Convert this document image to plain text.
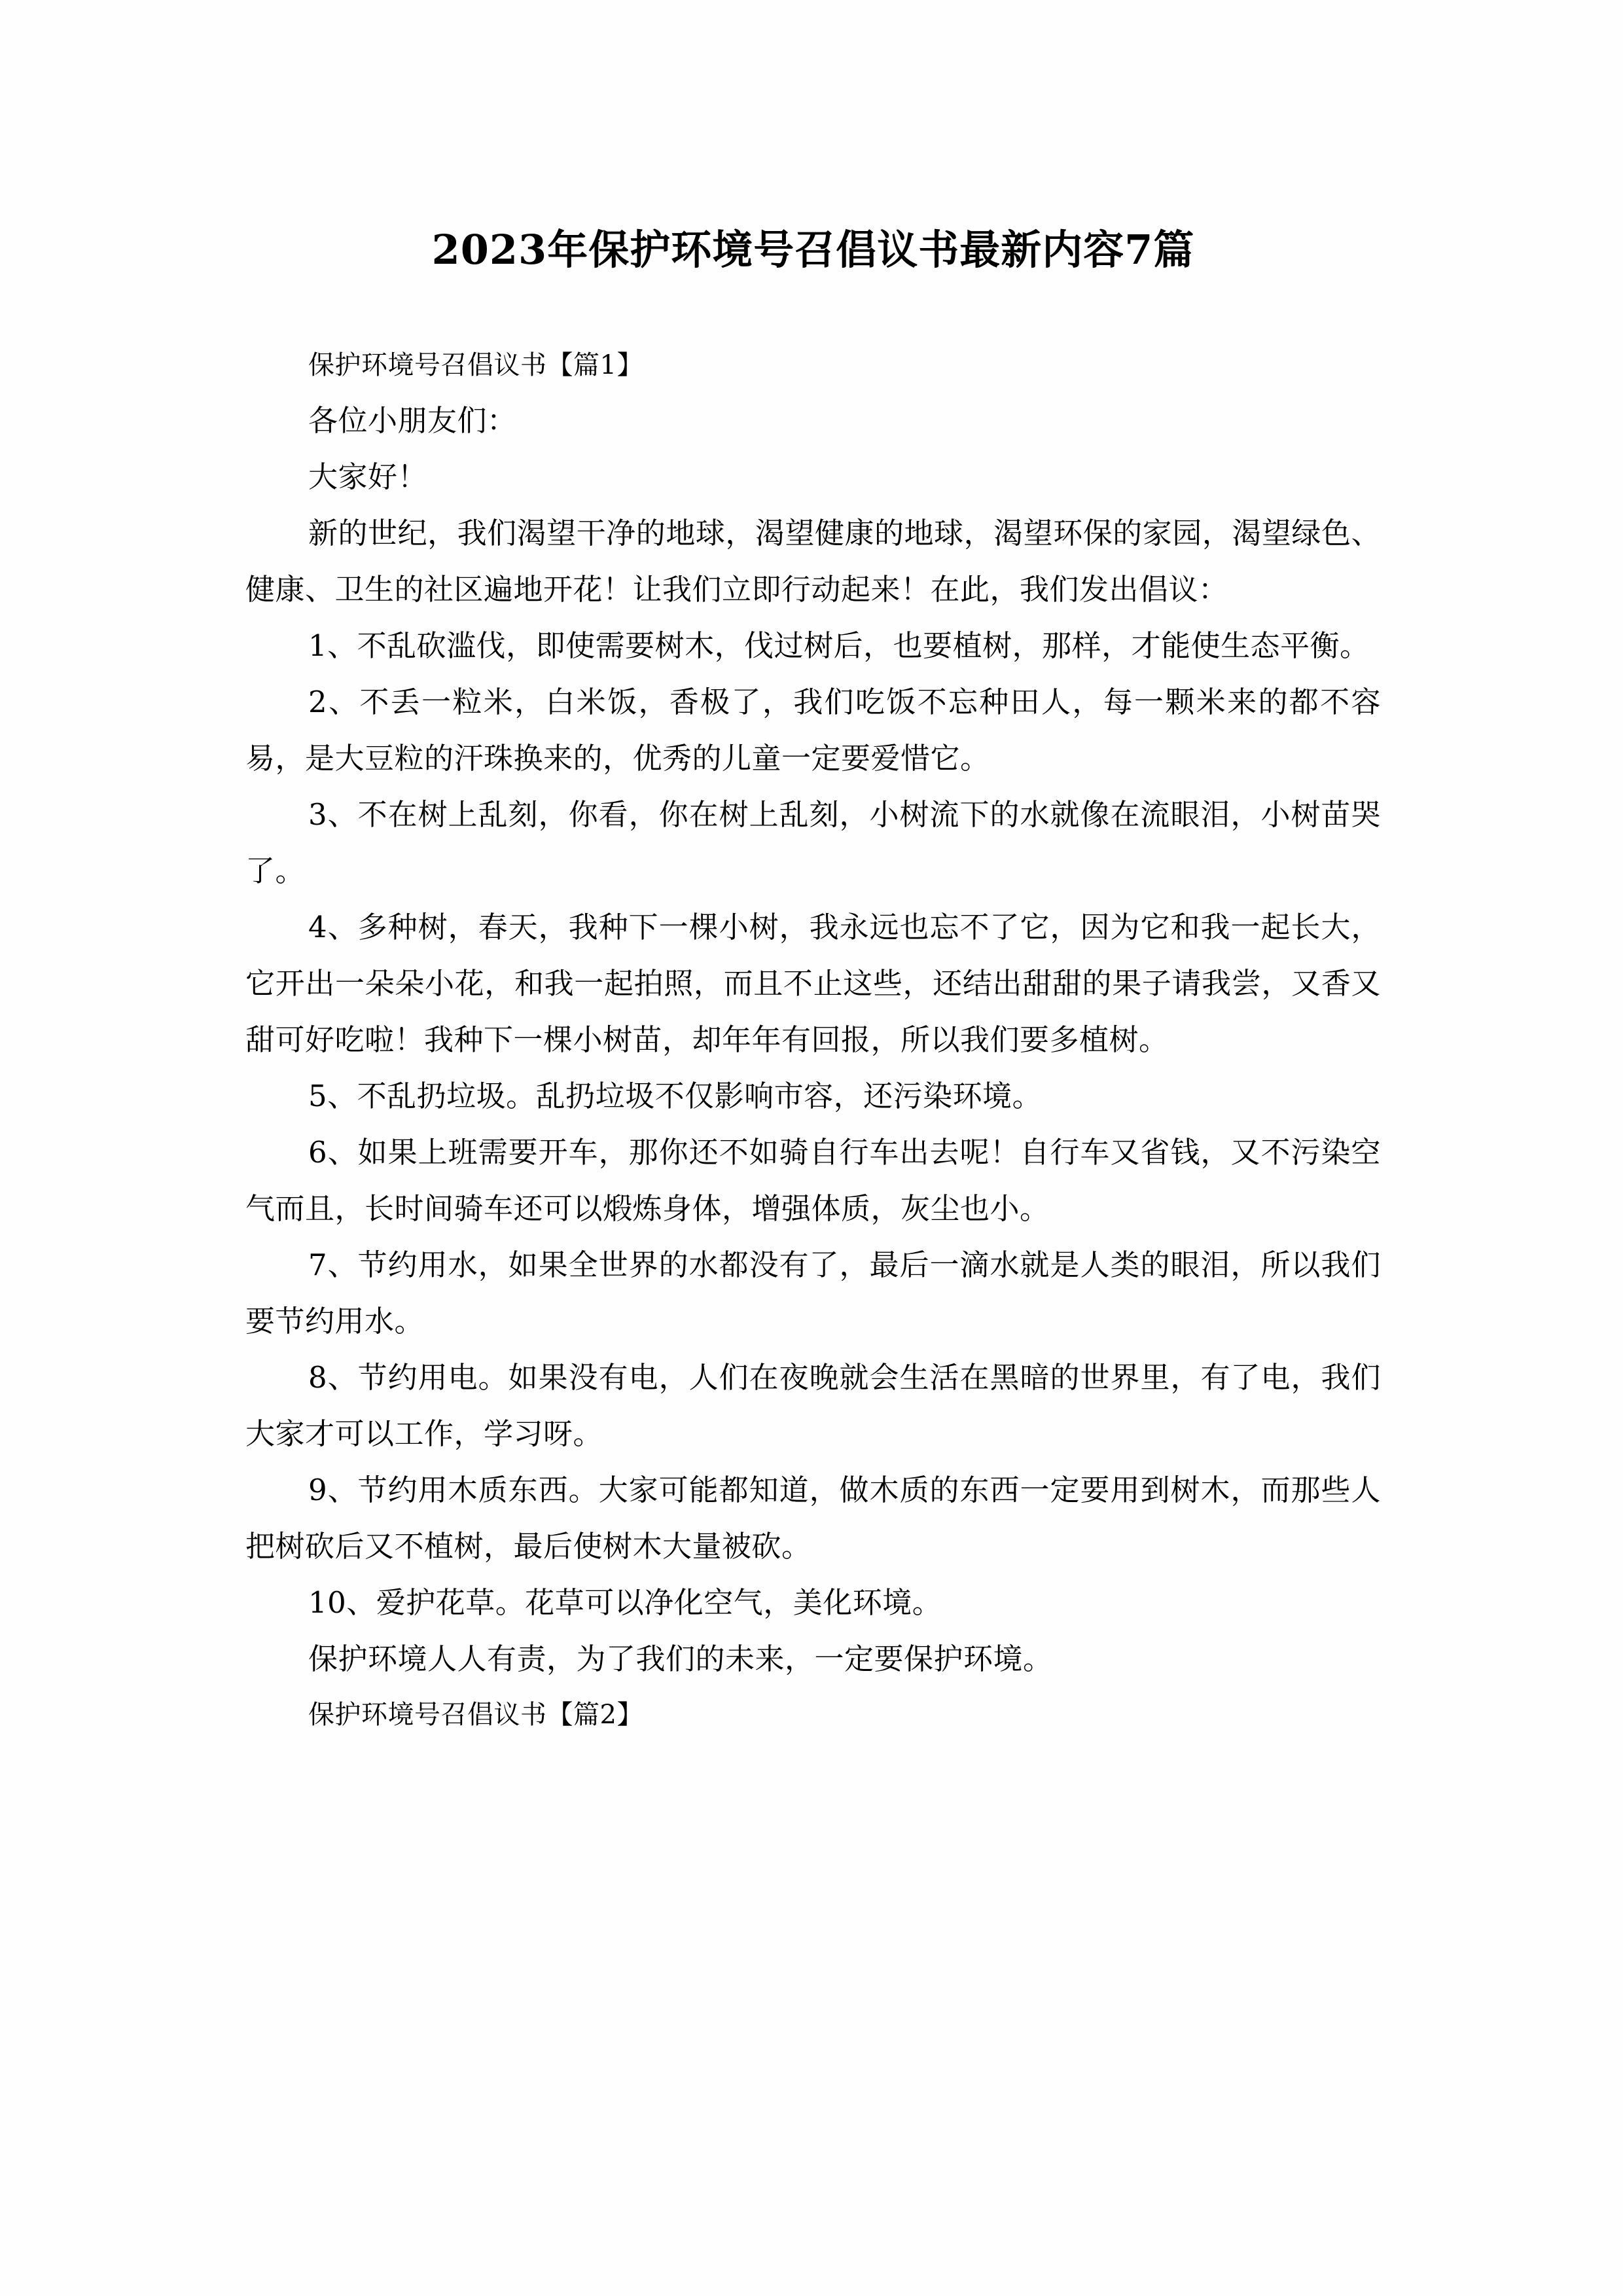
2023年保护环境号召倡议书最新内容7篇

保护环境号召倡议书【篇1】

各位小朋友们：

大家好！

新的世纪，我们渴望干净的地球，渴望健康的地球，渴望环保的家园，渴望绿色、健康、卫生的社区遍地开花！让我们立即行动起来！在此，我们发出倡议：

1、不乱砍滥伐，即使需要树木，伐过树后，也要植树，那样，才能使生态平衡。

2、不丢一粒米，白米饭，香极了，我们吃饭不忘种田人，每一颗米来的都不容易，是大豆粒的汗珠换来的，优秀的儿童一定要爱惜它。

3、不在树上乱刻，你看，你在树上乱刻，小树流下的水就像在流眼泪，小树苗哭了。

4、多种树，春天，我种下一棵小树，我永远也忘不了它，因为它和我一起长大，它开出一朵朵小花，和我一起拍照，而且不止这些，还结出甜甜的果子请我尝，又香又甜可好吃啦！我种下一棵小树苗，却年年有回报，所以我们要多植树。

5、不乱扔垃圾。乱扔垃圾不仅影响市容，还污染环境。

6、如果上班需要开车，那你还不如骑自行车出去呢！自行车又省钱，又不污染空气而且，长时间骑车还可以煅炼身体，增强体质，灰尘也小。

7、节约用水，如果全世界的水都没有了，最后一滴水就是人类的眼泪，所以我们要节约用水。

8、节约用电。如果没有电，人们在夜晚就会生活在黑暗的世界里，有了电，我们大家才可以工作，学习呀。

9、节约用木质东西。大家可能都知道，做木质的东西一定要用到树木，而那些人把树砍后又不植树，最后使树木大量被砍。

10、爱护花草。花草可以净化空气，美化环境。

保护环境人人有责，为了我们的未来，一定要保护环境。

保护环境号召倡议书【篇2】
